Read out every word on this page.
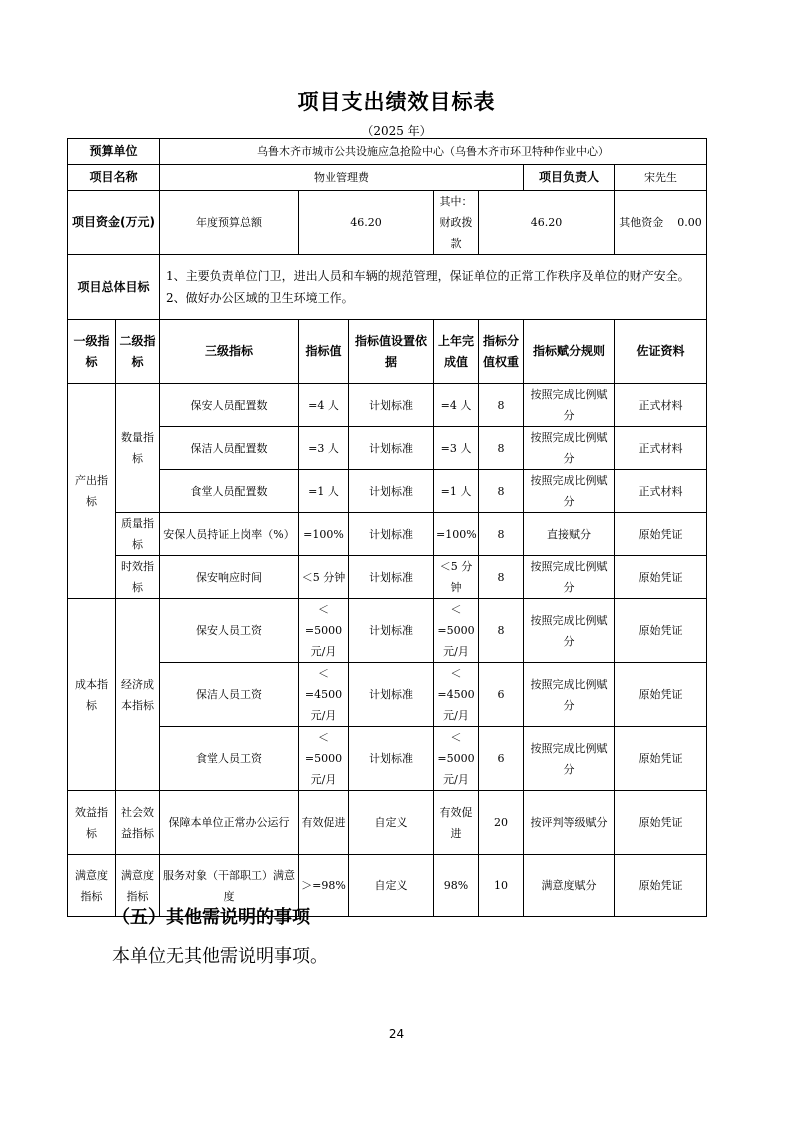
项目支出绩效目标表
（2025 年）
预算单位		乌鲁木齐市城市公共设施应急抢险中心（乌鲁木齐市环卫特种作业中心）						
项目名称		物业管理费					项目负责人	宋先生
项目资金(万元)		年度预算总额	46.20		其中：财政拨款	46.20		其他资金 0.00
项目总体目标		1、主要负责单位门卫，进出人员和车辆的规范管理，保证单位的正常工作秩序及单位的财产安全。2、做好办公区域的卫生环境工作。						
一级指标	二级指标	三级指标	指标值	指标值设置依据	上年完成值	指标分值权重	指标赋分规则	佐证资料
产出指标	数量指标	保安人员配置数	=4 人	计划标准	=4 人	8	按照完成比例赋分	正式材料
		保洁人员配置数	=3 人	计划标准	=3 人	8	按照完成比例赋分	正式材料
		食堂人员配置数	=1 人	计划标准	=1 人	8	按照完成比例赋分	正式材料
	质量指标	安保人员持证上岗率（%）	=100%	计划标准	=100%	8	直接赋分	原始凭证
	时效指标	保安响应时间	＜5 分钟	计划标准	＜5 分钟	8	按照完成比例赋分	原始凭证
成本指标	经济成本指标	保安人员工资	＜=5000元/月	计划标准	＜=5000元/月	8	按照完成比例赋分	原始凭证
		保洁人员工资	＜=4500元/月	计划标准	＜=4500元/月	6	按照完成比例赋分	原始凭证
		食堂人员工资	＜=5000元/月	计划标准	＜=5000元/月	6	按照完成比例赋分	原始凭证
效益指标	社会效益指标	保障本单位正常办公运行	有效促进	自定义	有效促进	20	按评判等级赋分	原始凭证
满意度指标	满意度指标	服务对象（干部职工）满意度	＞=98%	自定义	98%	10	满意度赋分	原始凭证
（五）其他需说明的事项
本单位无其他需说明事项。
24
